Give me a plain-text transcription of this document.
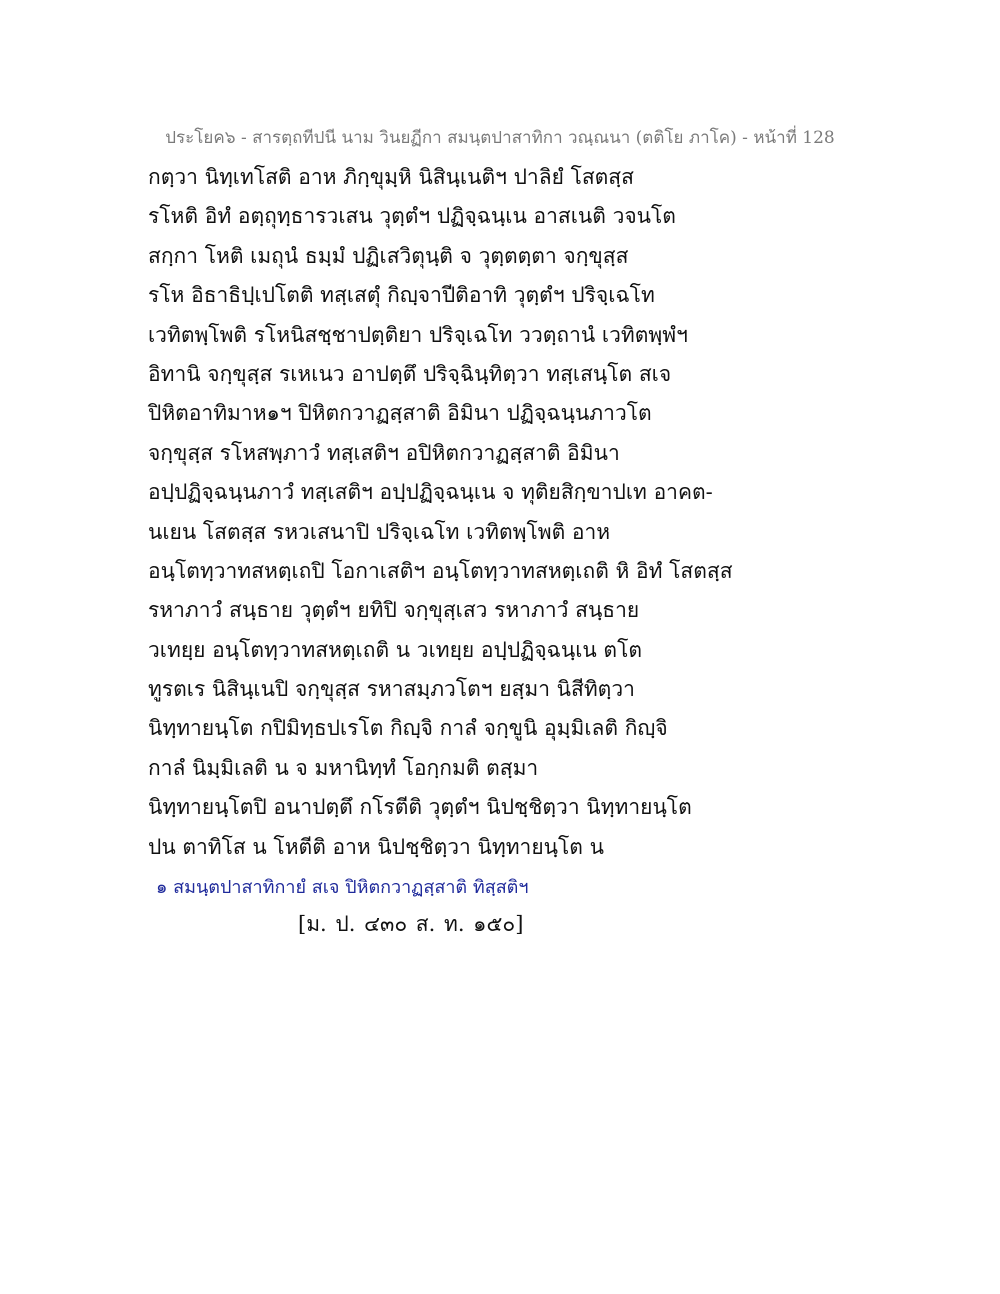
ประโยค๖ - สารตฺถทีปนี นาม วินยฏีกา สมนฺตปาสาทิกา วณฺณนา (ตติโย ภาโค) - หน้าที่ 128
กตฺวา นิทฺเทโสติ อาห ภิกฺขุมฺหิ นิสินฺเนติฯ ปาลิยํ โสตสฺส
รโหติ อิทํ อตฺถุทฺธารวเสน วุตฺตํฯ ปฏิจฺฉนฺเน อาสเนติ วจนโต
สกฺกา โหติ เมถุนํ ธมฺมํ ปฏิเสวิตุนฺติ จ วุตฺตตฺตา จกฺขุสฺส
รโห อิธาธิปฺเปโตติ ทสฺเสตุํ กิญฺจาปีติอาทิ วุตฺตํฯ ปริจฺเฉโท
เวทิตพฺโพติ รโหนิสชฺชาปตฺติยา ปริจฺเฉโท ววตฺถานํ เวทิตพฺพํฯ
อิทานิ จกฺขุสฺส รเหเนว อาปตฺตึ ปริจฺฉินฺทิตฺวา ทสฺเสนฺโต สเจ
ปิหิตอาทิมาห๑ฯ ปิหิตกวาฏสฺสาติ อิมินา ปฏิจฺฉนฺนภาวโต
จกฺขุสฺส รโหสพฺภาวํ ทสฺเสติฯ อปิหิตกวาฏสฺสาติ อิมินา
อปฺปฏิจฺฉนฺนภาวํ ทสฺเสติฯ อปฺปฏิจฺฉนฺเน จ ทุติยสิกฺขาปเท อาคต-
นเยน โสตสฺส รหวเสนาปิ ปริจฺเฉโท เวทิตพฺโพติ อาห
อนฺโตทฺวาทสหตฺเถปิ โอกาเสติฯ อนฺโตทฺวาทสหตฺเถติ หิ อิทํ โสตสฺส
รหาภาวํ สนฺธาย วุตฺตํฯ ยทิปิ จกฺขุสฺเสว รหาภาวํ สนฺธาย
วเทยฺย อนฺโตทฺวาทสหตฺเถติ น วเทยฺย อปฺปฏิจฺฉนฺเน ตโต
ทูรตเร นิสินฺเนปิ จกฺขุสฺส รหาสมฺภวโตฯ ยสฺมา นิสีทิตฺวา
นิทฺทายนฺโต กปิมิทฺธปเรโต กิญฺจิ กาลํ จกฺขูนิ อุมฺมิเลติ กิญฺจิ
กาลํ นิมฺมิเลติ น จ มหานิทฺทํ โอกฺกมติ ตสฺมา
นิทฺทายนฺโตปิ อนาปตฺตึ กโรตีติ วุตฺตํฯ นิปชฺชิตฺวา นิทฺทายนฺโต
ปน ตาทิโส น โหตีติ อาห นิปชฺชิตฺวา นิทฺทายนฺโต น
๑ สมนฺตปาสาทิกายํ สเจ ปิหิตกวาฏสฺสาติ ทิสฺสติฯ
[ม. ป. ๔๓๐ ส. ท. ๑๕๐]
